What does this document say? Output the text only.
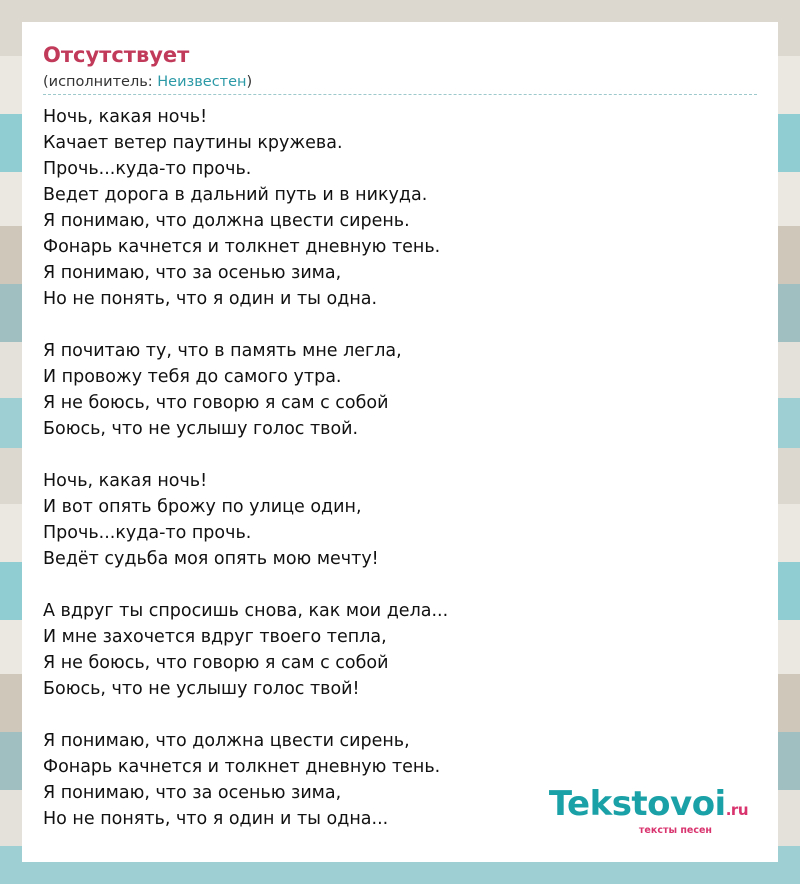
Отсутствует
(исполнитель: Неизвестен)
Ночь, какая ночь!
Качает ветер паутины кружева.
Прочь...куда-то прочь.
Ведет дорога в дальний путь и в никуда.
Я понимаю, что должна цвести сирень.
Фонарь качнется и толкнет дневную тень.
Я понимаю, что за осенью зима,
Но не понять, что я один и ты одна.
Я почитаю ту, что в память мне легла,
И провожу тебя до самого утра.
Я не боюсь, что говорю я сам с собой
Боюсь, что не услышу голос твой.
Ночь, какая ночь!
И вот опять брожу по улице один,
Прочь...куда-то прочь.
Ведёт судьба моя опять мою мечту!
А вдруг ты спросишь снова, как мои дела...
И мне захочется вдруг твоего тепла,
Я не боюсь, что говорю я сам с собой
Боюсь, что не услышу голос твой!
Я понимаю, что должна цвести сирень,
Фонарь качнется и толкнет дневную тень.
Я понимаю, что за осенью зима,
Но не понять, что я один и ты одна...	Tekstovoi.ru
тексты песен
